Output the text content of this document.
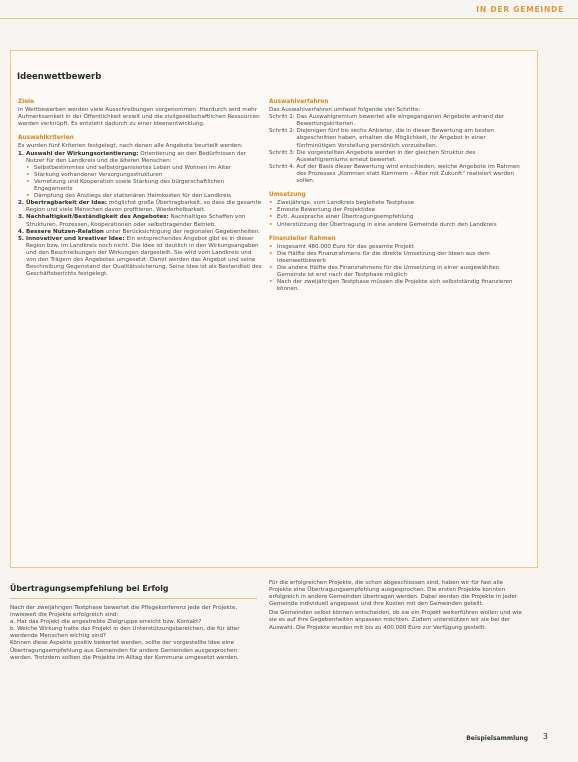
IN DER GEMEINDE
Ideenwettbewerb
Ziele

In Wettbewerben werden viele Ausschreibungen vorgenommen. Hierdurch wird mehr Aufmerksamkeit in der Öffentlichkeit erzielt und die zivilgesellschaftlichen Ressourcen werden verknüpft. Es entsteht dadurch zu einer Ideenentwicklung.

Auswahlkriterien

Es wurden fünf Kriterien festgelegt, nach denen alle Angebote beurteilt werden:

1. Auswahl der Wirkungsorientierung: Orientierung an den Bedürfnissen der Nutzer für den Landkreis und die älteren Menschen:
• Selbstbestimmtes und selbstorganisiertes Leben und Wohnen im Alter
• Stärkung vorhandener Versorgungsstrukturen
• Vernetzung und Kooperation sowie Stärkung des bürgerschaftlichen Engagements
• Dämpfung des Anstiegs der stationären Heimkosten für den Landkreis
2. Übertragbarkeit der Idee: möglichst große Übertragbarkeit, so dass die gesamte Region und viele Menschen davon profitieren. Wiederholbarkeit.
3. Nachhaltigkeit/Beständigkeit des Angebotes: Nachhaltiges Schaffen von Strukturen, Prozessen, Kooperationen oder selbsttragender Betrieb.
4. Bessere Nutzen-Relation unter Berücksichtigung der regionalen Gegebenheiten.
5. Innovativer und kreativer Idee: Ein entsprechendes Angebot gibt es in dieser Region bzw. im Landkreis noch nicht. Die Idee ist deutlich in den Wirkungsangaben und den Beschreibungen der Wirkungen dargestellt. Sie wird vom Landkreis und von den Trägern des Angebotes umgesetzt. Damit werden das Angebot und seine Beschreibung Gegenstand der Qualitätssicherung. Seine Idee ist als Bestandteil des Geschäftsberichts festgelegt.
Auswahlverfahren

Das Auswahlverfahren umfasst folgende vier Schritte:

Schritt 1:
Das Auswahlgremium bewertet alle eingegangenen Angebote anhand der Bewertungskriterien.
Schritt 2:
Diejenigen fünf bis sechs Anbieter, die in dieser Bewertung am besten abgeschnitten haben, erhalten die Möglichkeit, ihr Angebot in einer fünfminütigen Vorstellung persönlich vorzustellen.
Schritt 3:
Die vorgestellten Angebote werden in der gleichen Struktur des Auswahlgremiums erneut bewertet.
Schritt 4:
Auf der Basis dieser Bewertung wird entschieden, welche Angebote im Rahmen des Prozesses „Kommen statt Kümmern – Älter mit Zukunft“ realisiert werden sollen.
Umsetzung
• Zweijährige, vom Landkreis begleitete Testphase
• Erneute Bewertung der Projektidee
• Evtl. Aussprache einer Übertragungsempfehlung
• Unterstützung der Übertragung in eine andere Gemeinde durch den Landkreis
Finanzieller Rahmen
• Insgesamt 480.000 Euro für das gesamte Projekt
• Die Hälfte des Finanzrahmens für die direkte Umsetzung der Ideen aus dem Ideenwettbewerb
• Die andere Hälfte des Finanzrahmens für die Umsetzung in einer ausgewählten Gemeinde ist erst nach der Testphase möglich
• Nach der zweijährigen Testphase müssen die Projekte sich selbstständig finanzieren können.
Übertragungsempfehlung bei Erfolg

Nach der zweijährigen Testphase bewertet die Pflegekonferenz jede der Projekte, inwieweit die Projekte erfolgreich sind:

a. Hat das Projekt die angestrebte Zielgruppe erreicht bzw. Kontakt?

b. Welche Wirkung hatte das Projekt in den Unterstützungsbereichen, die für älter werdende Menschen wichtig sind?

Können diese Aspekte positiv bewertet werden, sollte der vorgestellte Idee eine Übertragungsempfehlung aus Gemeinden für andere Gemeinden ausgesprochen werden. Trotzdem sollten die Projekte im Alltag der Kommune umgesetzt werden.

Für die erfolgreichen Projekte, die schon abgeschlossen sind, haben wir für fast alle Projekte eine Übertragungsempfehlung ausgesprochen. Die ersten Projekte konnten erfolgreich in andere Gemeinden übertragen werden. Dabei werden die Projekte in jeder Gemeinde individuell angepasst und ihre Kosten mit den Gemeinden geteilt.

Die Gemeinden selbst können entscheiden, ob sie ein Projekt weiterführen wollen und wie sie es auf ihre Gegebenheiten anpassen möchten. Zudem unterstützen wir sie bei der Auswahl. Die Projekte wurden mit bis zu 400.000 Euro zur Verfügung gestellt.

Beispielsammlung 3
